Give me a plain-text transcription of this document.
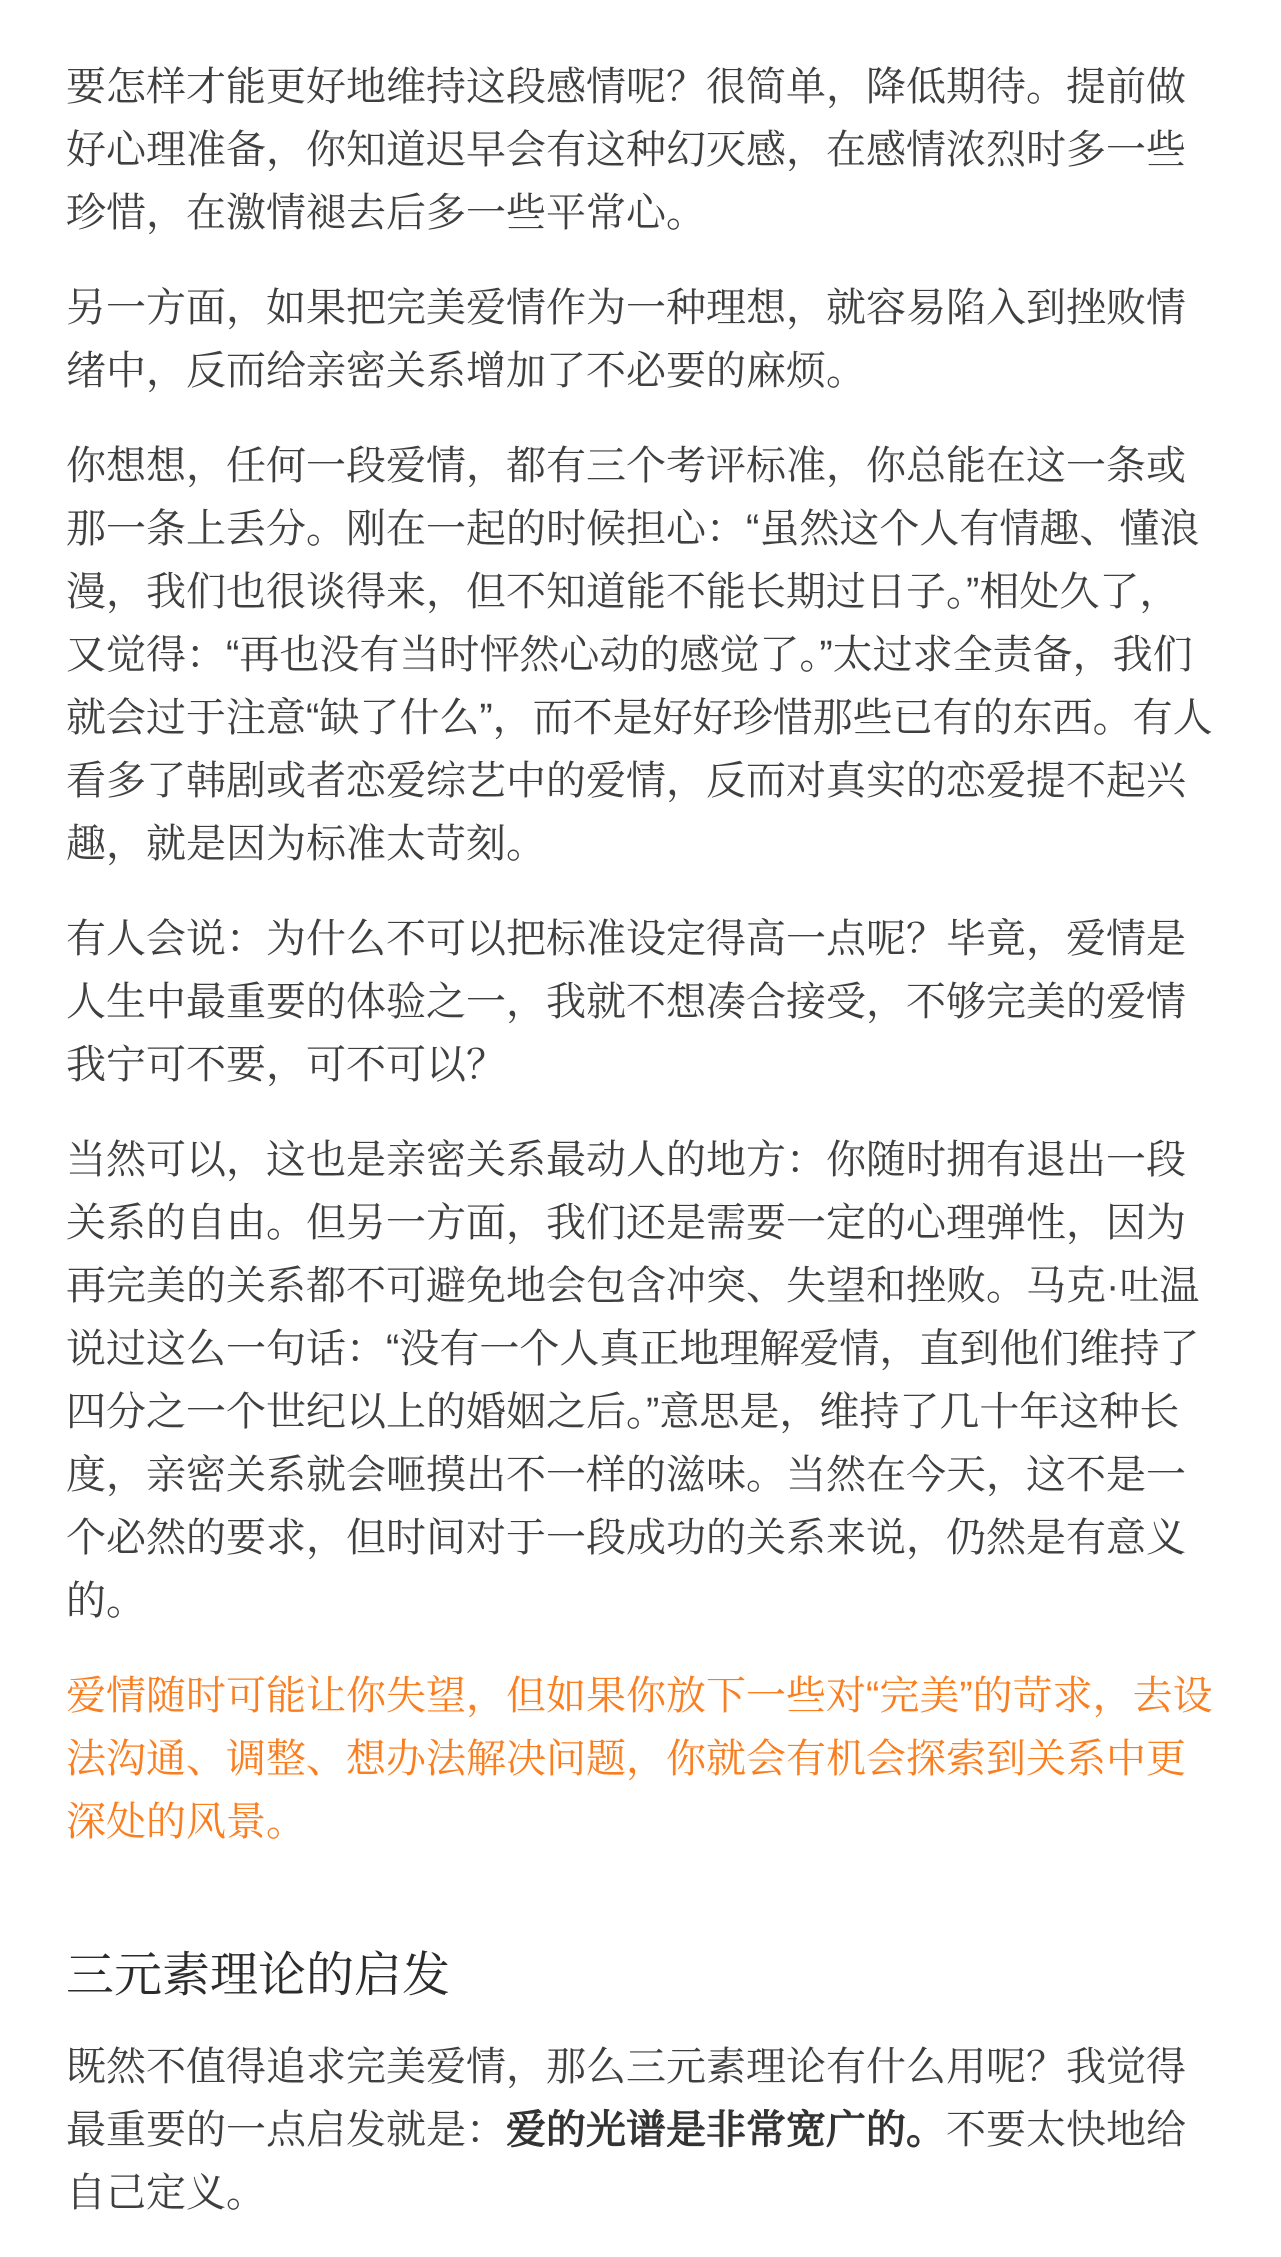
要怎样才能更好地维持这段感情呢？很简单，降低期待。提前做好心理准备，你知道迟早会有这种幻灭感，在感情浓烈时多一些珍惜，在激情褪去后多一些平常心。

另一方面，如果把完美爱情作为一种理想，就容易陷入到挫败情绪中，反而给亲密关系增加了不必要的麻烦。

你想想，任何一段爱情，都有三个考评标准，你总能在这一条或那一条上丢分。刚在一起的时候担心：“虽然这个人有情趣、懂浪漫，我们也很谈得来，但不知道能不能长期过日子。”相处久了，又觉得：“再也没有当时怦然心动的感觉了。”太过求全责备，我们就会过于注意“缺了什么”，而不是好好珍惜那些已有的东西。有人看多了韩剧或者恋爱综艺中的爱情，反而对真实的恋爱提不起兴趣，就是因为标准太苛刻。

有人会说：为什么不可以把标准设定得高一点呢？毕竟，爱情是人生中最重要的体验之一，我就不想凑合接受，不够完美的爱情我宁可不要，可不可以？

当然可以，这也是亲密关系最动人的地方：你随时拥有退出一段关系的自由。但另一方面，我们还是需要一定的心理弹性，因为再完美的关系都不可避免地会包含冲突、失望和挫败。马克·吐温说过这么一句话：“没有一个人真正地理解爱情，直到他们维持了四分之一个世纪以上的婚姻之后。”意思是，维持了几十年这种长度，亲密关系就会咂摸出不一样的滋味。当然在今天，这不是一个必然的要求，但时间对于一段成功的关系来说，仍然是有意义的。

爱情随时可能让你失望，但如果你放下一些对“完美”的苛求，去设法沟通、调整、想办法解决问题，你就会有机会探索到关系中更深处的风景。

三元素理论的启发

既然不值得追求完美爱情，那么三元素理论有什么用呢？我觉得最重要的一点启发就是：爱的光谱是非常宽广的。不要太快地给自己定义。
